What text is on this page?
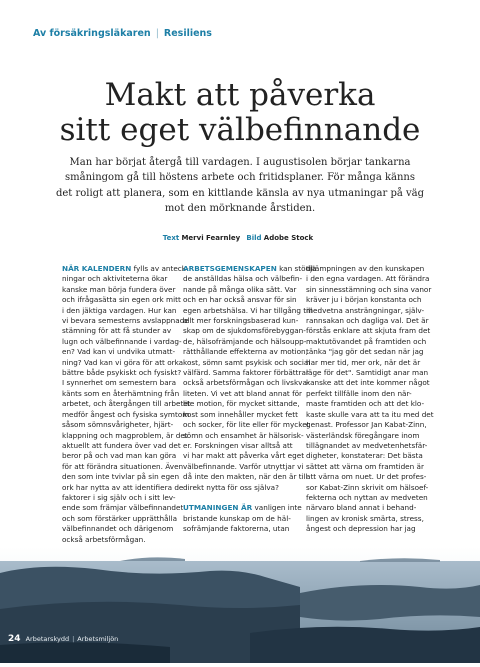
Av försäkringsläkaren | Resiliens
Makt att påverka
sitt eget välbefinnande
Man har börjat återgå till vardagen. I augustisolen börjar tankarna
småningom gå till höstens arbete och fritidsplaner. För många känns
det roligt att planera, som en kittlande känsla av nya utmaningar på väg
mot den mörknande årstiden.
Text Mervi Fearnley Bild Adobe Stock
NÄR KALENDERN fylls av anteck-
ningar och aktiviteterna ökar
kanske man börja fundera över
och ifrågasätta sin egen ork mitt
i den jäktiga vardagen. Hur kan
vi bevara semesterns avslappnade
stämning för att få stunder av
lugn och välbefinnande i vardag-
en? Vad kan vi undvika utmatt-
ning? Vad kan vi göra för att orka
bättre både psykiskt och fysiskt?
I synnerhet om semestern bara
känts som en återhämtning från
arbetet, och återgången till arbetet
medför ångest och fysiska symtom
såsom sömnsvårigheter, hjärt-
klappning och magproblem, är det
aktuellt att fundera över vad det
beror på och vad man kan göra
för att förändra situationen. Även
den som inte tvivlar på sin egen
ork har nytta av att identifiera de
faktorer i sig själv och i sitt lev-
ende som främjar välbefinnandet
och som förstärker upprätthålla
välbefinnandet och därigenom
också arbetsförmågan.
ARBETSGEMENSKAPEN kan stödja
de anställdas hälsa och välbefin-
nande på många olika sätt. Var
och en har också ansvar för sin
egen arbetshälsa. Vi har tillgång till
allt mer forskningsbaserad kun-
skap om de sjukdomsförebyggan-
de, hälsofrämjande och hälsoupp-
rätthållande effekterna av motion,
kost, sömn samt psykisk och social
välfärd. Samma faktorer förbättrar
också arbetsförmågan och livskva-
liteten. Vi vet att bland annat för
lite motion, för mycket sittande,
kost som innehåller mycket fett
och socker, för lite eller för mycket
sömn och ensamhet är hälsorisk-
er. Forskningen visar alltså att
vi har makt att påverka vårt eget
välbefinnande. Varför utnyttjar vi
då inte den makten, när den är till
direkt nytta för oss själva?
UTMANINGEN ÄR vanligen inte
bristande kunskap om de häl-
sofrämjande faktorerna, utan
tillämpningen av den kunskapen
i den egna vardagen. Att förändra
sin sinnesstämning och sina vanor
kräver ju i början konstanta och
medvetna ansträngningar, själv-
rannsakan och dagliga val. Det är
förstås enklare att skjuta fram det
maktutövandet på framtiden och
tänka "jag gör det sedan när jag
har mer tid, mer ork, när det är
läge för det". Samtidigt anar man
kanske att det inte kommer något
perfekt tillfälle inom den när-
maste framtiden och att det klo-
kaste skulle vara att ta itu med det
genast. Professor Jan Kabat-Zinn,
västerländsk föregångare inom
tillägnandet av medvetenhetsfär-
digheter, konstaterar: Det bästa
sättet att värna om framtiden är
att värna om nuet. Ur det profes-
sor Kabat-Zinn skrivit om hälsoef-
fekterna och nyttan av medveten
närvaro bland annat i behand-
lingen av kronisk smärta, stress,
ångest och depression har jag
24 Arbetarskydd | Arbetsmiljön
